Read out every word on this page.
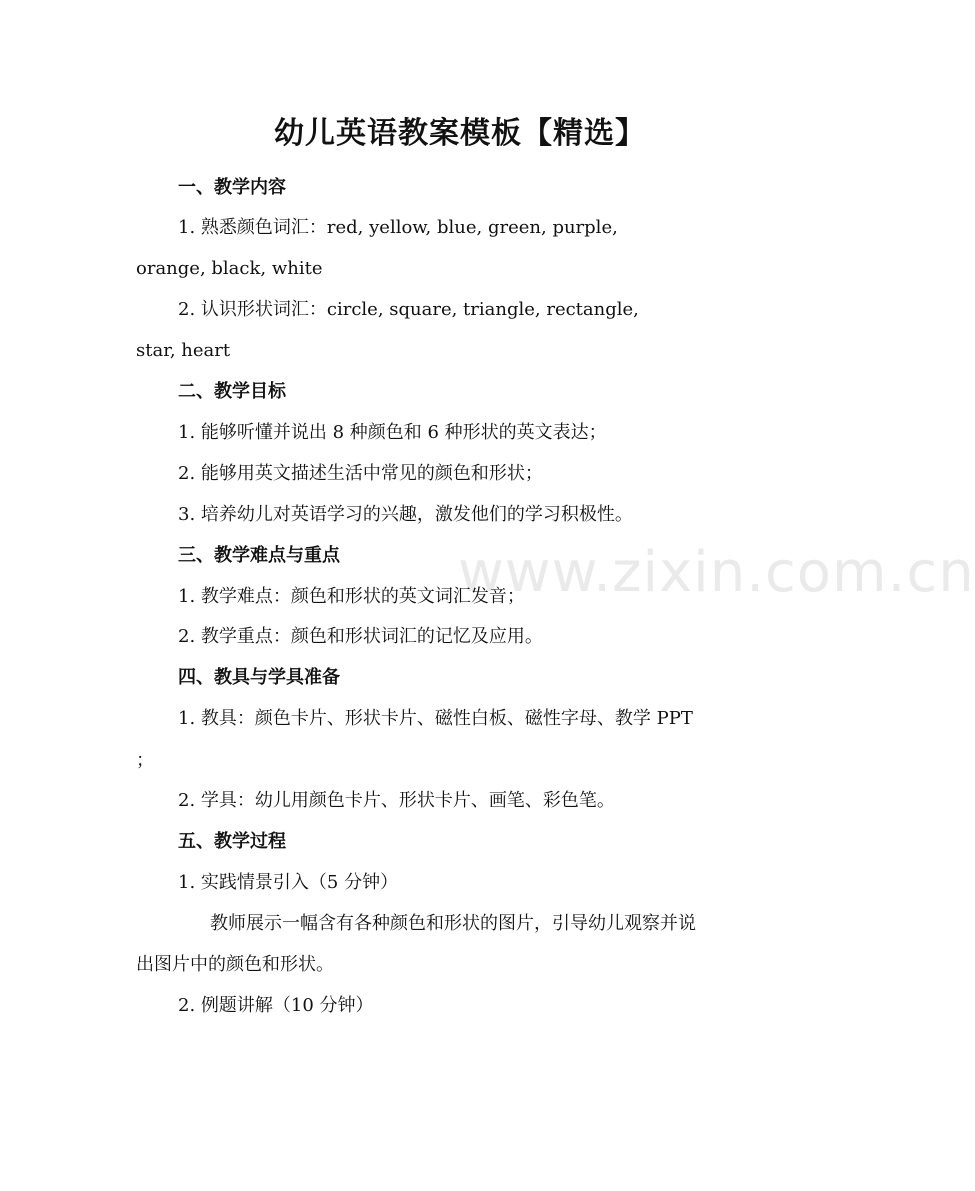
www.zixin.com.cn
幼儿英语教案模板【精选】
一、教学内容
1. 熟悉颜色词汇：red, yellow, blue, green, purple,
orange, black, white
2. 认识形状词汇：circle, square, triangle, rectangle,
star, heart
二、教学目标
1. 能够听懂并说出 8 种颜色和 6 种形状的英文表达；
2. 能够用英文描述生活中常见的颜色和形状；
3. 培养幼儿对英语学习的兴趣，激发他们的学习积极性。
三、教学难点与重点
1. 教学难点：颜色和形状的英文词汇发音；
2. 教学重点：颜色和形状词汇的记忆及应用。
四、教具与学具准备
1. 教具：颜色卡片、形状卡片、磁性白板、磁性字母、教学 PPT
；
2. 学具：幼儿用颜色卡片、形状卡片、画笔、彩色笔。
五、教学过程
1. 实践情景引入（5 分钟）
教师展示一幅含有各种颜色和形状的图片，引导幼儿观察并说
出图片中的颜色和形状。
2. 例题讲解（10 分钟）
